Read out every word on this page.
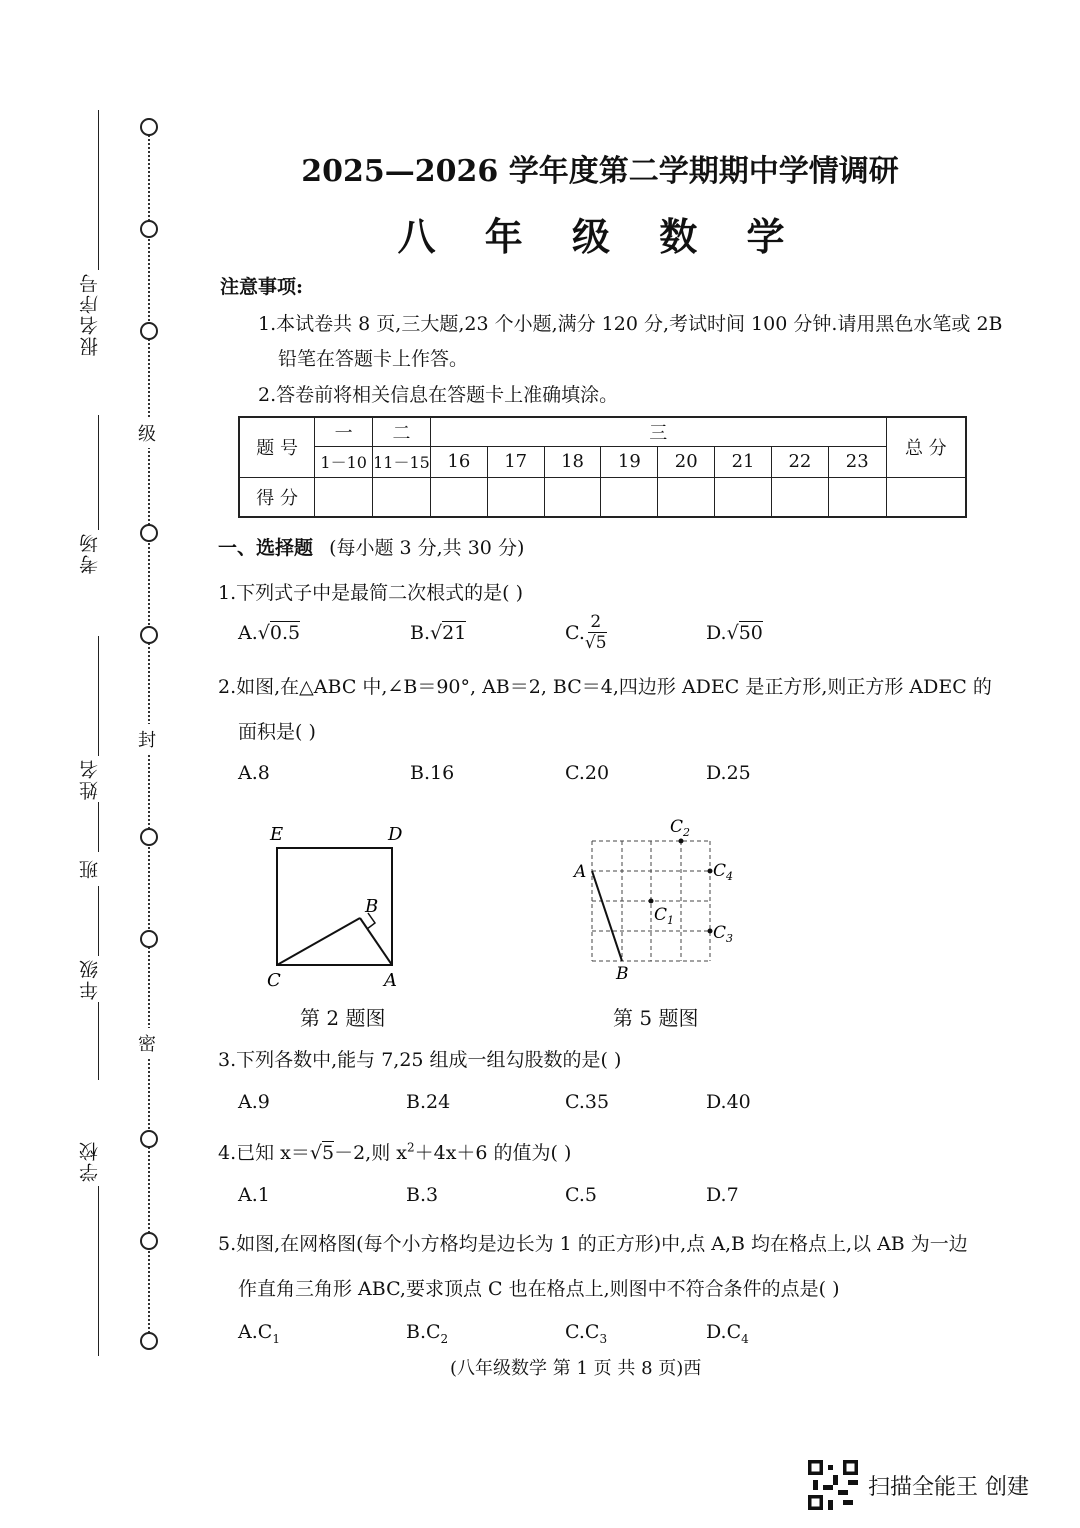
报名序号
考场
姓名
班
年级
学校
级
封
密
2025—2026 学年度第二学期期中学情调研
八 年 级 数 学
注意事项:
1.本试卷共 8 页,三大题,23 个小题,满分 120 分,考试时间 100 分钟.请用黑色水笔或 2B
铅笔在答题卡上作答。
2.答卷前将相关信息在答题卡上准确填涂。
题 号	一	二	三								总 分
	1－10	11－15	16	17	18	19	20	21	22	23	
得 分											
一、选择题 (每小题 3 分,共 30 分)
1.下列式子中是最简二次根式的是( )
A.√0.5	B.√21	C. $\frac{2}{√5}$	D.√50
2.如图,在△ABC 中,∠B＝90°, AB＝2, BC＝4,四边形 ADEC 是正方形,则正方形 ADEC 的
面积是( )
A.8	B.16	C.20	D.25
E	D
B
C	A
第 2 题图
A
B
$C_1$
$C_2$
$C_3$
$C_4$
第 5 题图
3.下列各数中,能与 7,25 组成一组勾股数的是( )
A.9	B.24	C.35	D.40
4.已知 x＝√5－2,则 $x^2+4x+6$ 的值为( )
A.1	B.3	C.5	D.7
5.如图,在网格图(每个小方格均是边长为 1 的正方形)中,点 A,B 均在格点上,以 AB 为一边
作直角三角形 ABC,要求顶点 C 也在格点上,则图中不符合条件的点是( )
$A.C_1$	$B.C_2$	$C.C_3$	$D.C_4$
(八年级数学 第 1 页 共 8 页)西
扫描全能王 创建
